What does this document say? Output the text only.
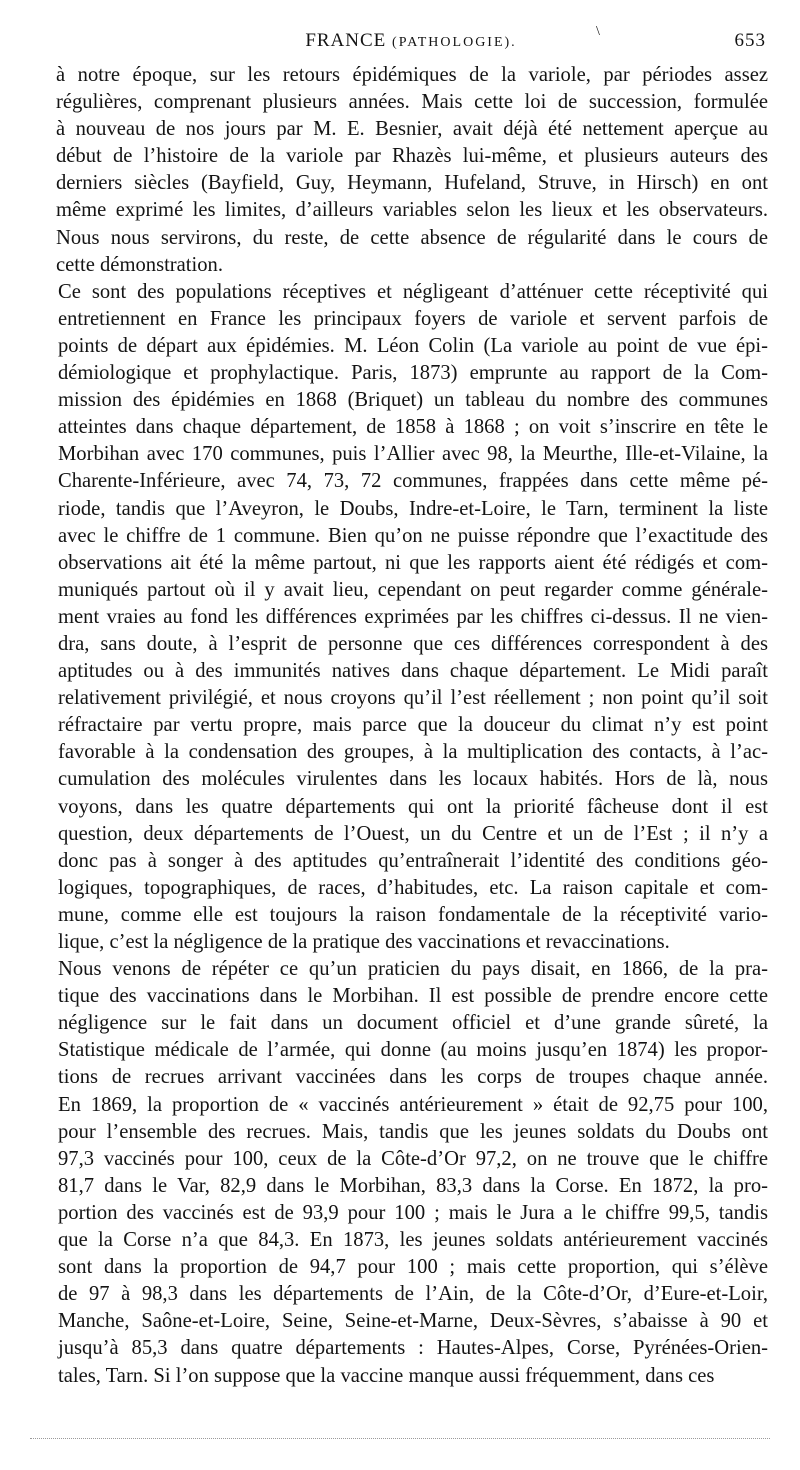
FRANCE (PATHOLOGIE).
\	653

à notre époque, sur les retours épidémiques de la variole, par périodes assez
régulières, comprenant plusieurs années. Mais cette loi de succession, formulée
à nouveau de nos jours par M. E. Besnier, avait déjà été nettement aperçue au
début de l’histoire de la variole par Rhazès lui-même, et plusieurs auteurs des
derniers siècles (Bayfield, Guy, Heymann, Hufeland, Struve, in Hirsch) en ont
même exprimé les limites, d’ailleurs variables selon les lieux et les observateurs.
Nous nous servirons, du reste, de cette absence de régularité dans le cours de
cette démonstration.

Ce sont des populations réceptives et négligeant d’atténuer cette réceptivité qui
entretiennent en France les principaux foyers de variole et servent parfois de
points de départ aux épidémies. M. Léon Colin (La variole au point de vue épi-
démiologique et prophylactique. Paris, 1873) emprunte au rapport de la Com-
mission des épidémies en 1868 (Briquet) un tableau du nombre des communes
atteintes dans chaque département, de 1858 à 1868 ; on voit s’inscrire en tête le
Morbihan avec 170 communes, puis l’Allier avec 98, la Meurthe, Ille-et-Vilaine, la
Charente-Inférieure, avec 74, 73, 72 communes, frappées dans cette même pé-
riode, tandis que l’Aveyron, le Doubs, Indre-et-Loire, le Tarn, terminent la liste
avec le chiffre de 1 commune. Bien qu’on ne puisse répondre que l’exactitude des
observations ait été la même partout, ni que les rapports aient été rédigés et com-
muniqués partout où il y avait lieu, cependant on peut regarder comme générale-
ment vraies au fond les différences exprimées par les chiffres ci-dessus. Il ne vien-
dra, sans doute, à l’esprit de personne que ces différences correspondent à des
aptitudes ou à des immunités natives dans chaque département. Le Midi paraît
relativement privilégié, et nous croyons qu’il l’est réellement ; non point qu’il soit
réfractaire par vertu propre, mais parce que la douceur du climat n’y est point
favorable à la condensation des groupes, à la multiplication des contacts, à l’ac-
cumulation des molécules virulentes dans les locaux habités. Hors de là, nous
voyons, dans les quatre départements qui ont la priorité fâcheuse dont il est
question, deux départements de l’Ouest, un du Centre et un de l’Est ; il n’y a
donc pas à songer à des aptitudes qu’entraînerait l’identité des conditions géo-
logiques, topographiques, de races, d’habitudes, etc. La raison capitale et com-
mune, comme elle est toujours la raison fondamentale de la réceptivité vario-
lique, c’est la négligence de la pratique des vaccinations et revaccinations.

Nous venons de répéter ce qu’un praticien du pays disait, en 1866, de la pra-
tique des vaccinations dans le Morbihan. Il est possible de prendre encore cette
négligence sur le fait dans un document officiel et d’une grande sûreté, la
Statistique médicale de l’armée, qui donne (au moins jusqu’en 1874) les propor-
tions de recrues arrivant vaccinées dans les corps de troupes chaque année.
En 1869, la proportion de « vaccinés antérieurement » était de 92,75 pour 100,
pour l’ensemble des recrues. Mais, tandis que les jeunes soldats du Doubs ont
97,3 vaccinés pour 100, ceux de la Côte-d’Or 97,2, on ne trouve que le chiffre
81,7 dans le Var, 82,9 dans le Morbihan, 83,3 dans la Corse. En 1872, la pro-
portion des vaccinés est de 93,9 pour 100 ; mais le Jura a le chiffre 99,5, tandis
que la Corse n’a que 84,3. En 1873, les jeunes soldats antérieurement vaccinés
sont dans la proportion de 94,7 pour 100 ; mais cette proportion, qui s’élève
de 97 à 98,3 dans les départements de l’Ain, de la Côte-d’Or, d’Eure-et-Loir,
Manche, Saône-et-Loire, Seine, Seine-et-Marne, Deux-Sèvres, s’abaisse à 90 et
jusqu’à 85,3 dans quatre départements : Hautes-Alpes, Corse, Pyrénées-Orien-
tales, Tarn. Si l’on suppose que la vaccine manque aussi fréquemment, dans ces
